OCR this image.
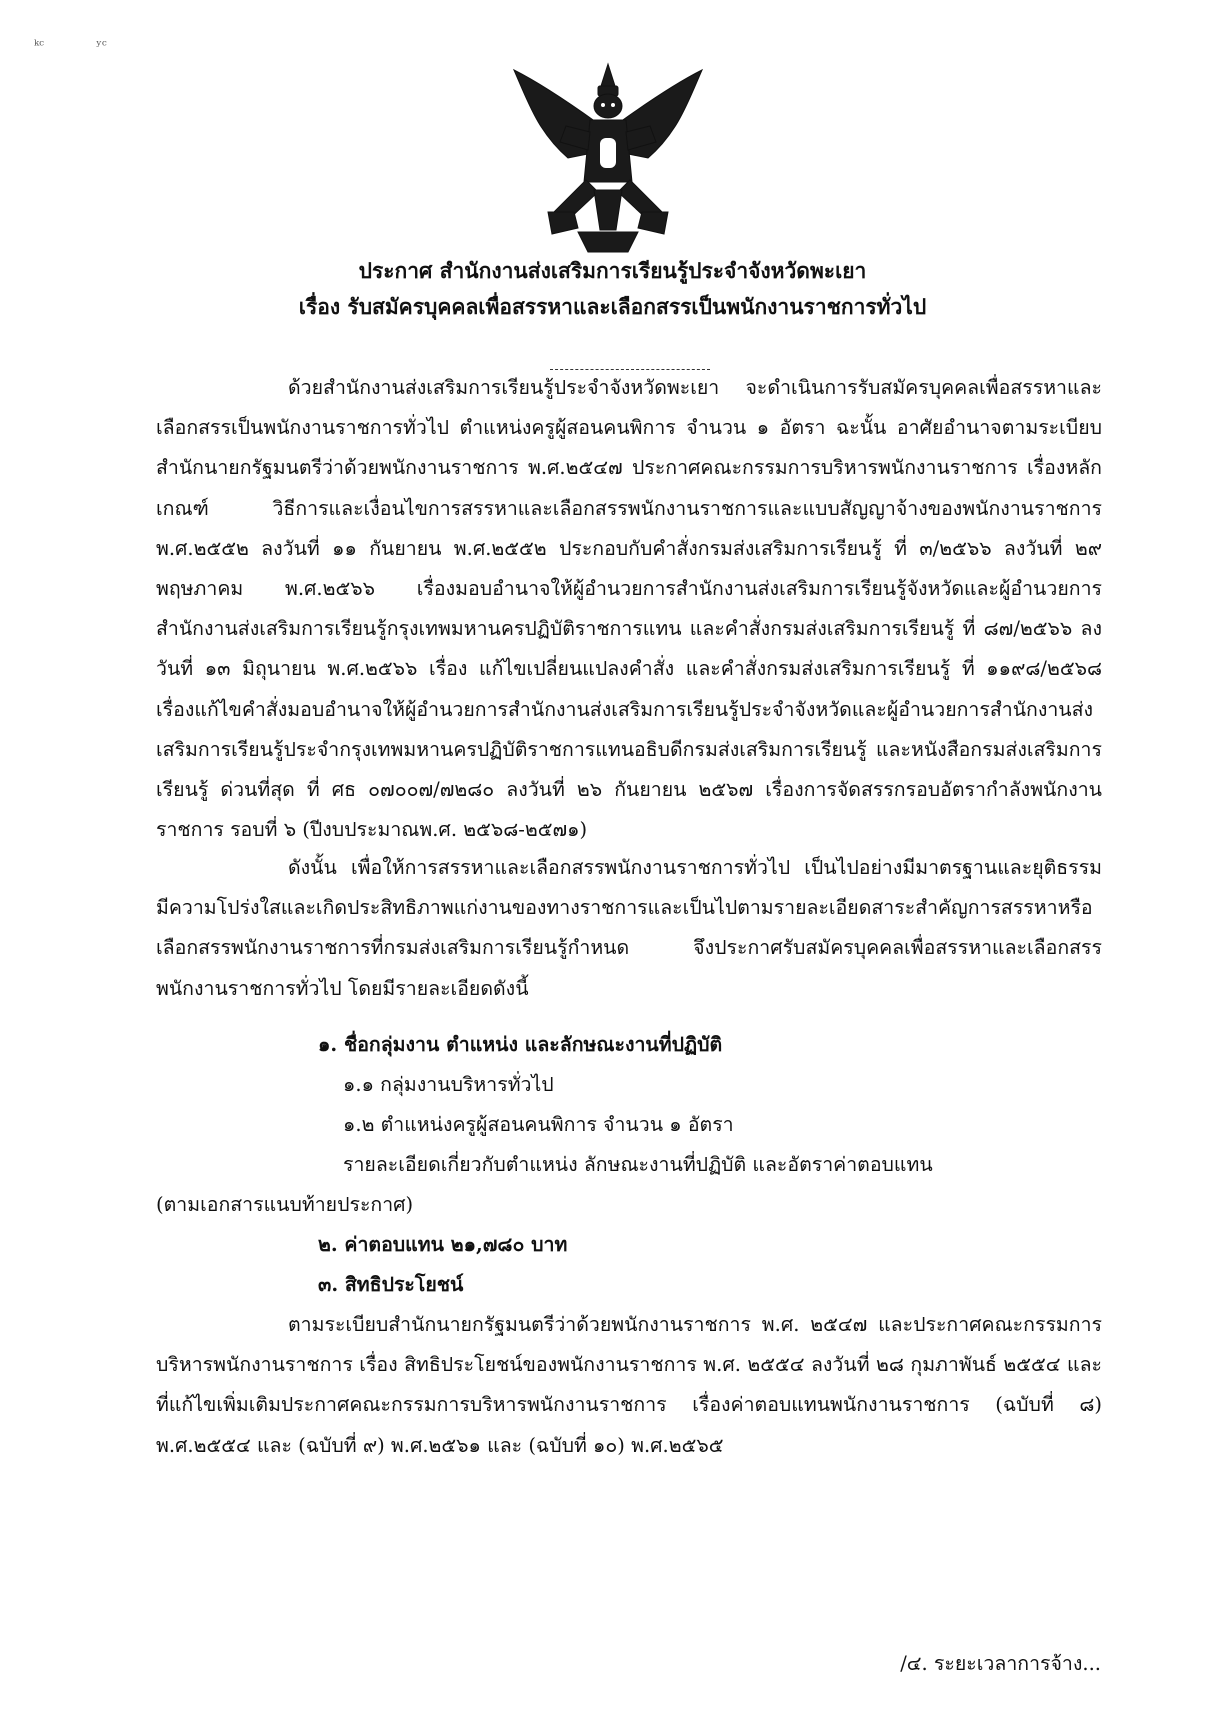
ᵏᶜ	ʸᶜ
ประกาศ สำนักงานส่งเสริมการเรียนรู้ประจำจังหวัดพะเยา
เรื่อง รับสมัครบุคคลเพื่อสรรหาและเลือกสรรเป็นพนักงานราชการทั่วไป
ด้วยสำนักงานส่งเสริมการเรียนรู้ประจำจังหวัดพะเยา จะดำเนินการรับสมัครบุคคลเพื่อสรรหาและเลือกสรรเป็นพนักงานราชการทั่วไป ตำแหน่งครูผู้สอนคนพิการ จำนวน ๑ อัตรา ฉะนั้น อาศัยอำนาจตามระเบียบสำนักนายกรัฐมนตรีว่าด้วยพนักงานราชการ พ.ศ.๒๕๔๗ ประกาศคณะกรรมการบริหารพนักงานราชการ เรื่องหลักเกณฑ์ วิธีการและเงื่อนไขการสรรหาและเลือกสรรพนักงานราชการและแบบสัญญาจ้างของพนักงานราชการ พ.ศ.๒๕๕๒ ลงวันที่ ๑๑ กันยายน พ.ศ.๒๕๕๒ ประกอบกับคำสั่งกรมส่งเสริมการเรียนรู้ ที่ ๓/๒๕๖๖ ลงวันที่ ๒๙ พฤษภาคม พ.ศ.๒๕๖๖ เรื่องมอบอำนาจให้ผู้อำนวยการสำนักงานส่งเสริมการเรียนรู้จังหวัดและผู้อำนวยการสำนักงานส่งเสริมการเรียนรู้กรุงเทพมหานครปฏิบัติราชการแทน และคำสั่งกรมส่งเสริมการเรียนรู้ ที่ ๘๗/๒๕๖๖ ลงวันที่ ๑๓ มิถุนายน พ.ศ.๒๕๖๖ เรื่อง แก้ไขเปลี่ยนแปลงคำสั่ง และคำสั่งกรมส่งเสริมการเรียนรู้ ที่ ๑๑๙๘/๒๕๖๘ เรื่องแก้ไขคำสั่งมอบอำนาจให้ผู้อำนวยการสำนักงานส่งเสริมการเรียนรู้ประจำจังหวัดและผู้อำนวยการสำนักงานส่งเสริมการเรียนรู้ประจำกรุงเทพมหานครปฏิบัติราชการแทนอธิบดีกรมส่งเสริมการเรียนรู้ และหนังสือกรมส่งเสริมการเรียนรู้ ด่วนที่สุด ที่ ศธ ๐๗๐๐๗/๗๒๘๐ ลงวันที่ ๒๖ กันยายน ๒๕๖๗ เรื่องการจัดสรรกรอบอัตรากำลังพนักงานราชการ รอบที่ ๖ (ปีงบประมาณพ.ศ. ๒๕๖๘-๒๕๗๑)
ดังนั้น เพื่อให้การสรรหาและเลือกสรรพนักงานราชการทั่วไป เป็นไปอย่างมีมาตรฐานและยุติธรรม มีความโปร่งใสและเกิดประสิทธิภาพแก่งานของทางราชการและเป็นไปตามรายละเอียดสาระสำคัญการสรรหาหรือเลือกสรรพนักงานราชการที่กรมส่งเสริมการเรียนรู้กำหนด จึงประกาศรับสมัครบุคคลเพื่อสรรหาและเลือกสรรพนักงานราชการทั่วไป โดยมีรายละเอียดดังนี้
๑. ชื่อกลุ่มงาน ตำแหน่ง และลักษณะงานที่ปฏิบัติ
๑.๑ กลุ่มงานบริหารทั่วไป
๑.๒ ตำแหน่งครูผู้สอนคนพิการ จำนวน ๑ อัตรา
รายละเอียดเกี่ยวกับตำแหน่ง ลักษณะงานที่ปฏิบัติ และอัตราค่าตอบแทน
(ตามเอกสารแนบท้ายประกาศ)
๒. ค่าตอบแทน ๒๑,๗๘๐ บาท
๓. สิทธิประโยชน์
ตามระเบียบสำนักนายกรัฐมนตรีว่าด้วยพนักงานราชการ พ.ศ. ๒๕๔๗ และประกาศคณะกรรมการบริหารพนักงานราชการ เรื่อง สิทธิประโยชน์ของพนักงานราชการ พ.ศ. ๒๕๕๔ ลงวันที่ ๒๘ กุมภาพันธ์ ๒๕๕๔ และที่แก้ไขเพิ่มเติมประกาศคณะกรรมการบริหารพนักงานราชการ เรื่องค่าตอบแทนพนักงานราชการ (ฉบับที่ ๘) พ.ศ.๒๕๕๔ และ (ฉบับที่ ๙) พ.ศ.๒๕๖๑ และ (ฉบับที่ ๑๐) พ.ศ.๒๕๖๕
/๔. ระยะเวลาการจ้าง...
